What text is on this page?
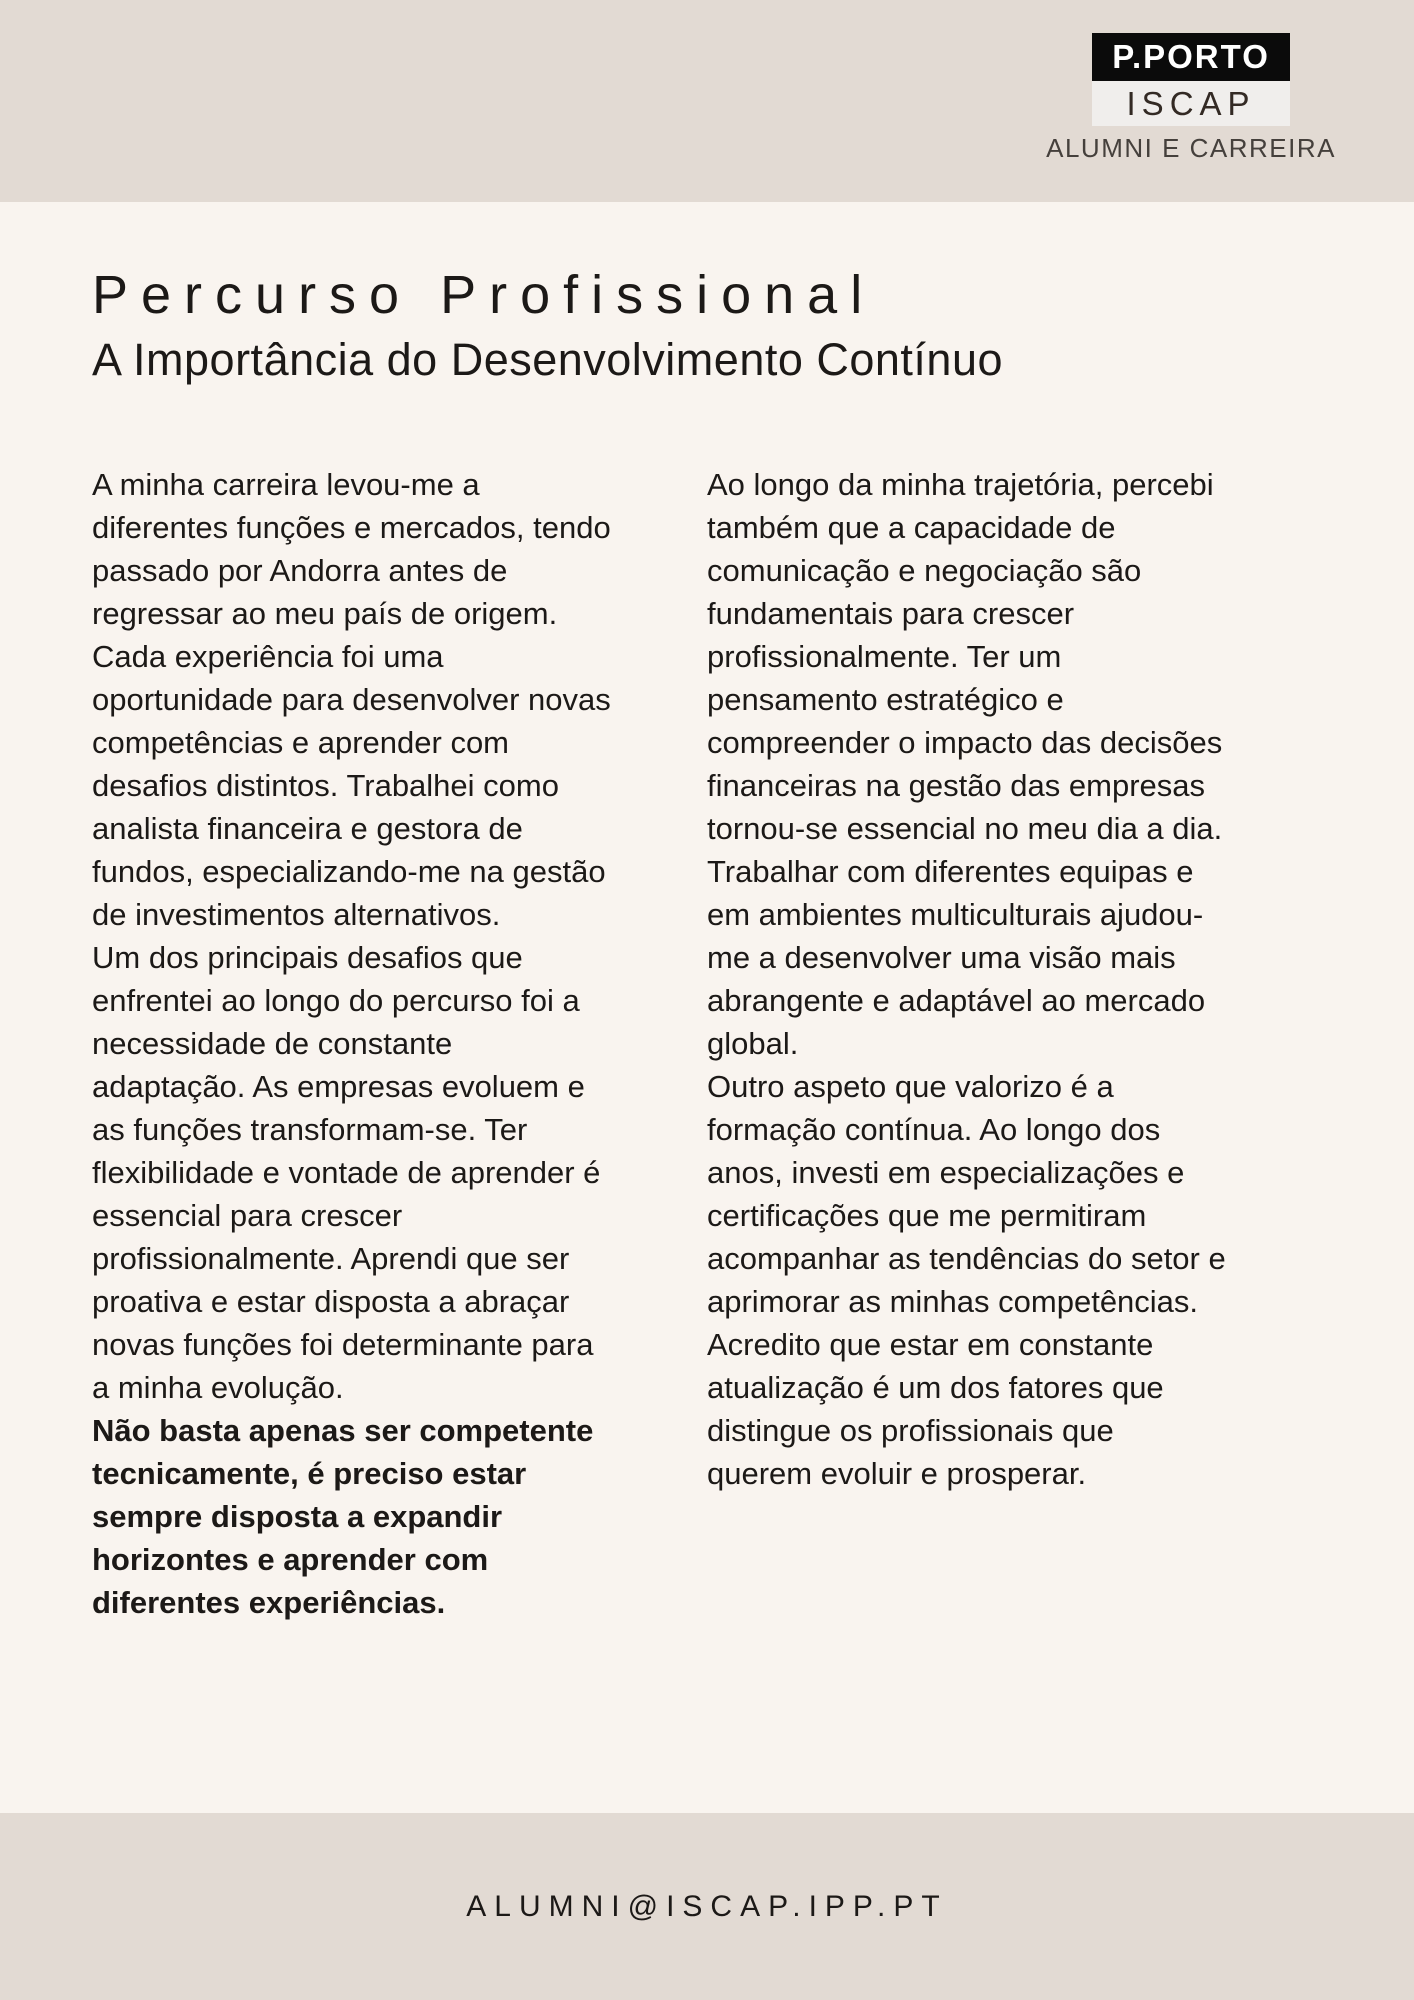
P.PORTO
ISCAP
ALUMNI E CARREIRA
Percurso Profissional
A Importância do Desenvolvimento Contínuo

A minha carreira levou-me a diferentes funções e mercados, tendo passado por Andorra antes de regressar ao meu país de origem. Cada experiência foi uma oportunidade para desenvolver novas competências e aprender com desafios distintos. Trabalhei como analista financeira e gestora de fundos, especializando-me na gestão de investimentos alternativos.

Um dos principais desafios que enfrentei ao longo do percurso foi a necessidade de constante adaptação. As empresas evoluem e as funções transformam-se. Ter flexibilidade e vontade de aprender é essencial para crescer profissionalmente. Aprendi que ser proativa e estar disposta a abraçar novas funções foi determinante para a minha evolução.

Não basta apenas ser competente tecnicamente, é preciso estar sempre disposta a expandir horizontes e aprender com diferentes experiências.

Ao longo da minha trajetória, percebi também que a capacidade de comunicação e negociação são fundamentais para crescer profissionalmente. Ter um pensamento estratégico e compreender o impacto das decisões financeiras na gestão das empresas tornou-se essencial no meu dia a dia. Trabalhar com diferentes equipas e em ambientes multiculturais ajudou-me a desenvolver uma visão mais abrangente e adaptável ao mercado global.

Outro aspeto que valorizo é a formação contínua. Ao longo dos anos, investi em especializações e certificações que me permitiram acompanhar as tendências do setor e aprimorar as minhas competências.

Acredito que estar em constante atualização é um dos fatores que distingue os profissionais que querem evoluir e prosperar.

ALUMNI@ISCAP.IPP.PT
